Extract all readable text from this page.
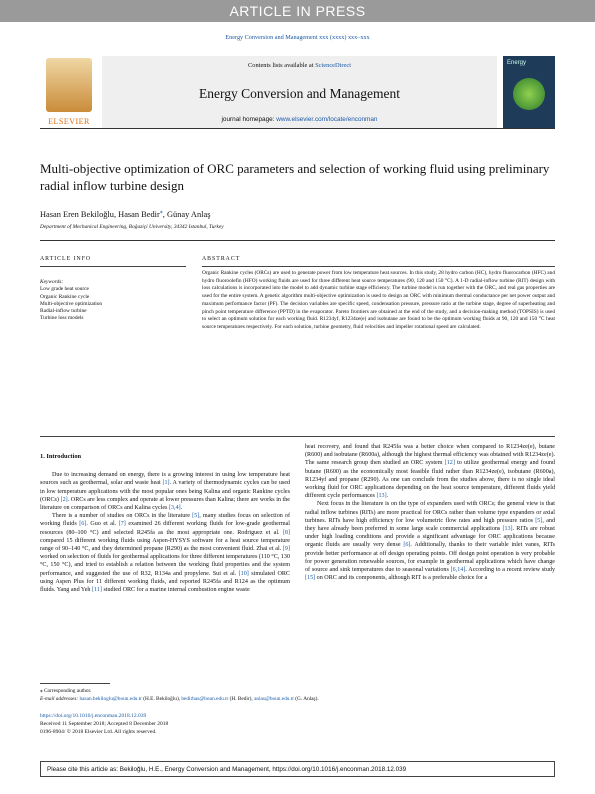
ARTICLE IN PRESS
Energy Conversion and Management xxx (xxxx) xxx–xxx
ELSEVIER
Contents lists available at ScienceDirect
Energy Conversion and Management
journal homepage: www.elsevier.com/locate/enconman
Energy
Multi-objective optimization of ORC parameters and selection of working fluid using preliminary radial inflow turbine design
Hasan Eren Bekiloğlu, Hasan Bedir⁎, Günay Anlaş
Department of Mechanical Engineering, Boğaziçi University, 34342 Istanbul, Turkey
ARTICLE INFO
Keywords:
Low grade heat source
Organic Rankine cycle
Multi-objective optimization
Radial-inflow turbine
Turbine loss models
ABSTRACT
Organic Rankine cycles (ORCs) are used to generate power from low temperature heat sources. In this study, 28 hydro carbon (HC), hydro fluorocarbon (HFC) and hydro fluoroolefin (HFO) working fluids are used for three different heat source temperatures (90, 120 and 150 °C). A 1-D radial-inflow turbine (RIT) design with loss calculations is incorporated into the model to add dynamic turbine stage efficiency. The turbine model is run together with the ORC, and real gas properties are used for the entire system. A genetic algorithm multi-objective optimization is used to design an ORC with minimum thermal conductance per net power output and maximum performance factor (PF). The decision variables are specific speed, condensation pressure, pressure ratio at the turbine stage, degree of superheating and pinch point temperature difference (PPTD) in the evaporator. Pareto frontiers are obtained at the end of the study, and a decision-making method (TOPSIS) is used to select an optimum solution for each working fluid. R1234yf, R1234ze(e) and isobutane are found to be the optimum working fluids at 90, 120 and 150 °C heat source temperatures respectively. For each solution, turbine geometry, fluid velocities and impeller rotational speed are calculated.
1. Introduction

Due to increasing demand on energy, there is a growing interest in using low temperature heat sources such as geothermal, solar and waste heat [1]. A variety of thermodynamic cycles can be used in low temperature applications with the most popular ones being Kalina and organic Rankine cycles (ORCs) [2]. ORCs are less complex and operate at lower pressures than Kalina; there are works in the literature on comparison of ORCs and Kalina cycles [3,4].

There is a number of studies on ORCs in the literature [5], many studies focus on selection of working fluids [6]. Guo et al. [7] examined 26 different working fluids for low-grade geothermal resources (80–100 °C) and selected R245fa as the most appropriate one. Rodriguez et al. [8] compared 15 different working fluids using Aspen-HYSYS software for a heat source temperature range of 90–140 °C, and they determined propane (R290) as the most convenient fluid. Zhai et al. [9] worked on selection of fluids for geothermal applications for three different temperatures (110 °C, 130 °C, 150 °C), and tried to establish a relation between the working fluid properties and the system performance, and suggested the use of R32, R134a and propylene. Sui et al. [10] simulated ORC using Aspen Plus for 11 different working fluids, and reported R245fa and R124 as the optimum fluids. Yang and Yeh [11] studied ORC for a marine internal combustion engine waste

heat recovery, and found that R245fa was a better choice when compared to R1234ze(e), butane (R600) and isobutane (R600a), although the highest thermal efficiency was obtained with R1234ze(e). The same research group then studied an ORC system [12] to utilize geothermal energy and found butane (R600) as the economically most feasible fluid rather than R1234ze(e), isobutane (R600a), R1234yf and propane (R290). As one can conclude from the studies above, there is no single ideal working fluid for ORC applications depending on the heat source temperature, different fluids yield different cycle performances [13].

Next focus in the literature is on the type of expanders used with ORCs; the general view is that radial inflow turbines (RITs) are more practical for ORCs rather than volume type expanders or axial turbines. RITs have high efficiency for low volumetric flow rates and high pressure ratios [5], and they have already been preferred in some large scale commercial applications [13]. RITs are robust under high loading conditions and provide a significant advantage for ORC applications because organic fluids are usually very dense [6]. Additionally, thanks to their variable inlet vanes, RITs provide better performance at off design operating points. Off design point operation is very probable for power generation renewable sources, for example in geothermal applications which have change of source and sink temperatures due to seasonal variations [6,14]. According to a recent review study [15] on ORC and its components, although RIT is a preferable choice for a

⁎ Corresponding author.
E-mail addresses: hasan.bekiloglu@boun.edu.tr (H.E. Bekiloğlu), bedirhas@boun.edu.tr (H. Bedir), anlas@boun.edu.tr (G. Anlaş).
https://doi.org/10.1016/j.enconman.2018.12.039
Received 11 September 2018; Accepted 8 December 2018
0196-8904/ © 2018 Elsevier Ltd. All rights reserved.
Please cite this article as: Bekiloğlu, H.E., Energy Conversion and Management, https://doi.org/10.1016/j.enconman.2018.12.039
